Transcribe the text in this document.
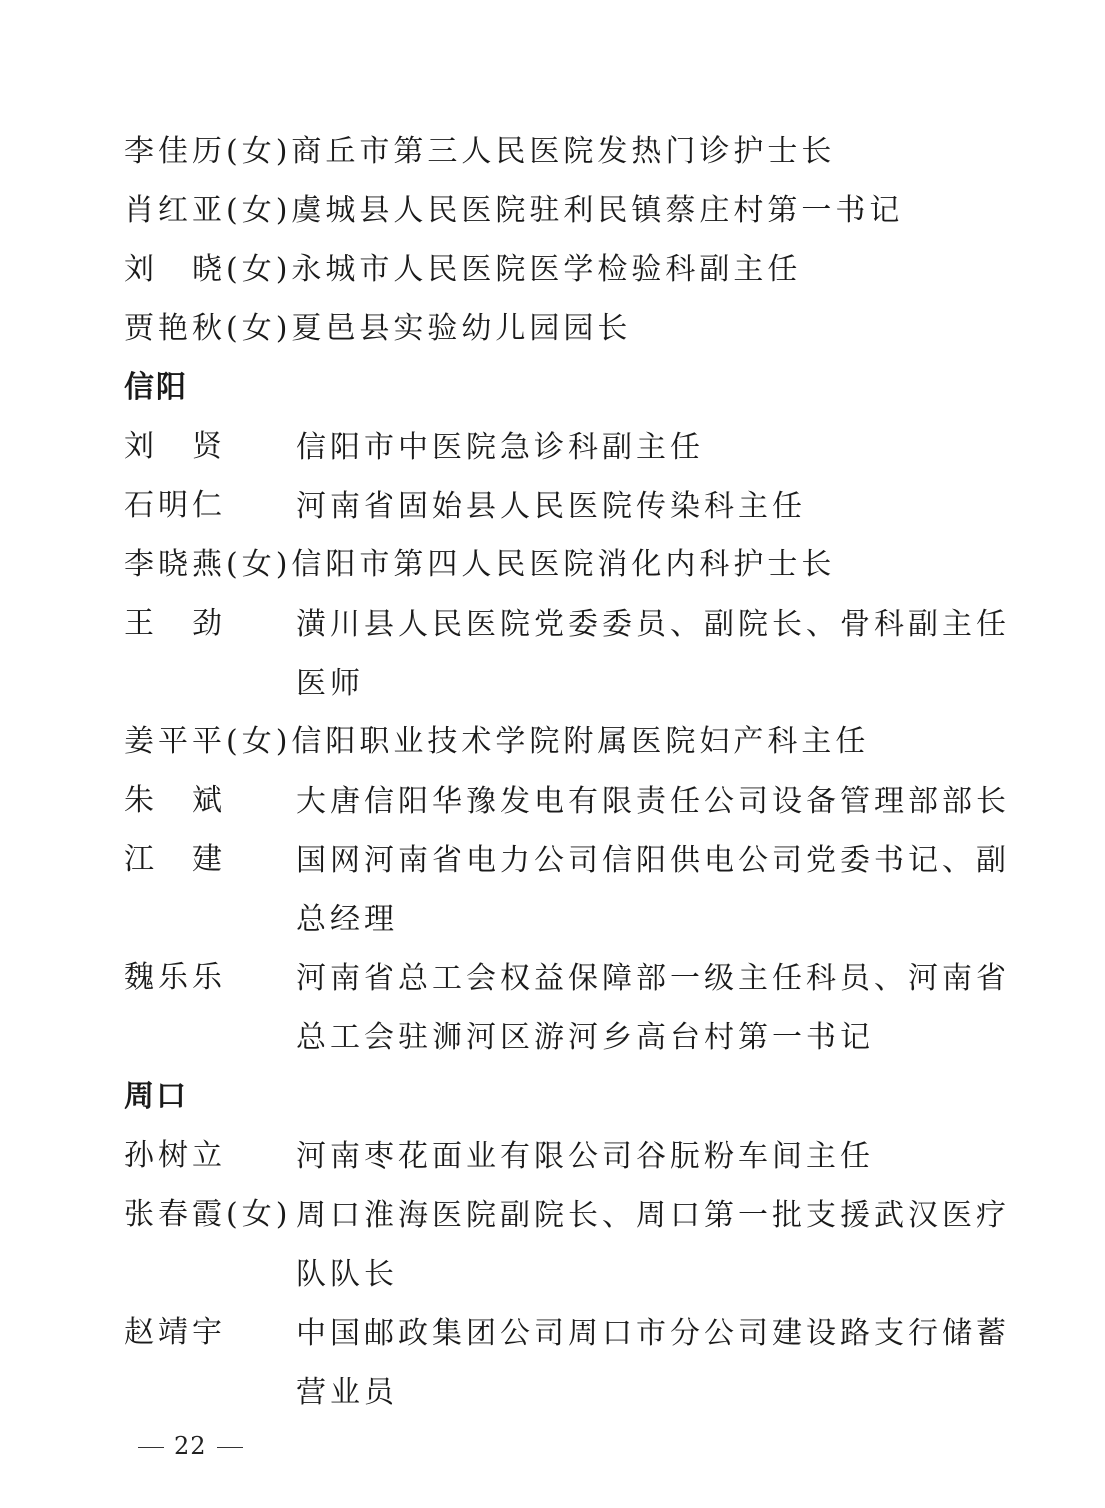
李佳历(女)商丘市第三人民医院发热门诊护士长
肖红亚(女)虞城县人民医院驻利民镇蔡庄村第一书记
刘　晓(女)永城市人民医院医学检验科副主任
贾艳秋(女)夏邑县实验幼儿园园长
信阳
刘　贤 信阳市中医院急诊科副主任
石明仁 河南省固始县人民医院传染科主任
李晓燕(女)信阳市第四人民医院消化内科护士长
王　劲 潢川县人民医院党委委员、副院长、骨科副主任医师
姜平平(女)信阳职业技术学院附属医院妇产科主任
朱　斌 大唐信阳华豫发电有限责任公司设备管理部部长
江　建 国网河南省电力公司信阳供电公司党委书记、副总经理
魏乐乐 河南省总工会权益保障部一级主任科员、河南省总工会驻浉河区游河乡高台村第一书记
周口
孙树立 河南枣花面业有限公司谷朊粉车间主任
张春霞(女) 周口淮海医院副院长、周口第一批支援武汉医疗队队长
赵靖宇 中国邮政集团公司周口市分公司建设路支行储蓄营业员
22
